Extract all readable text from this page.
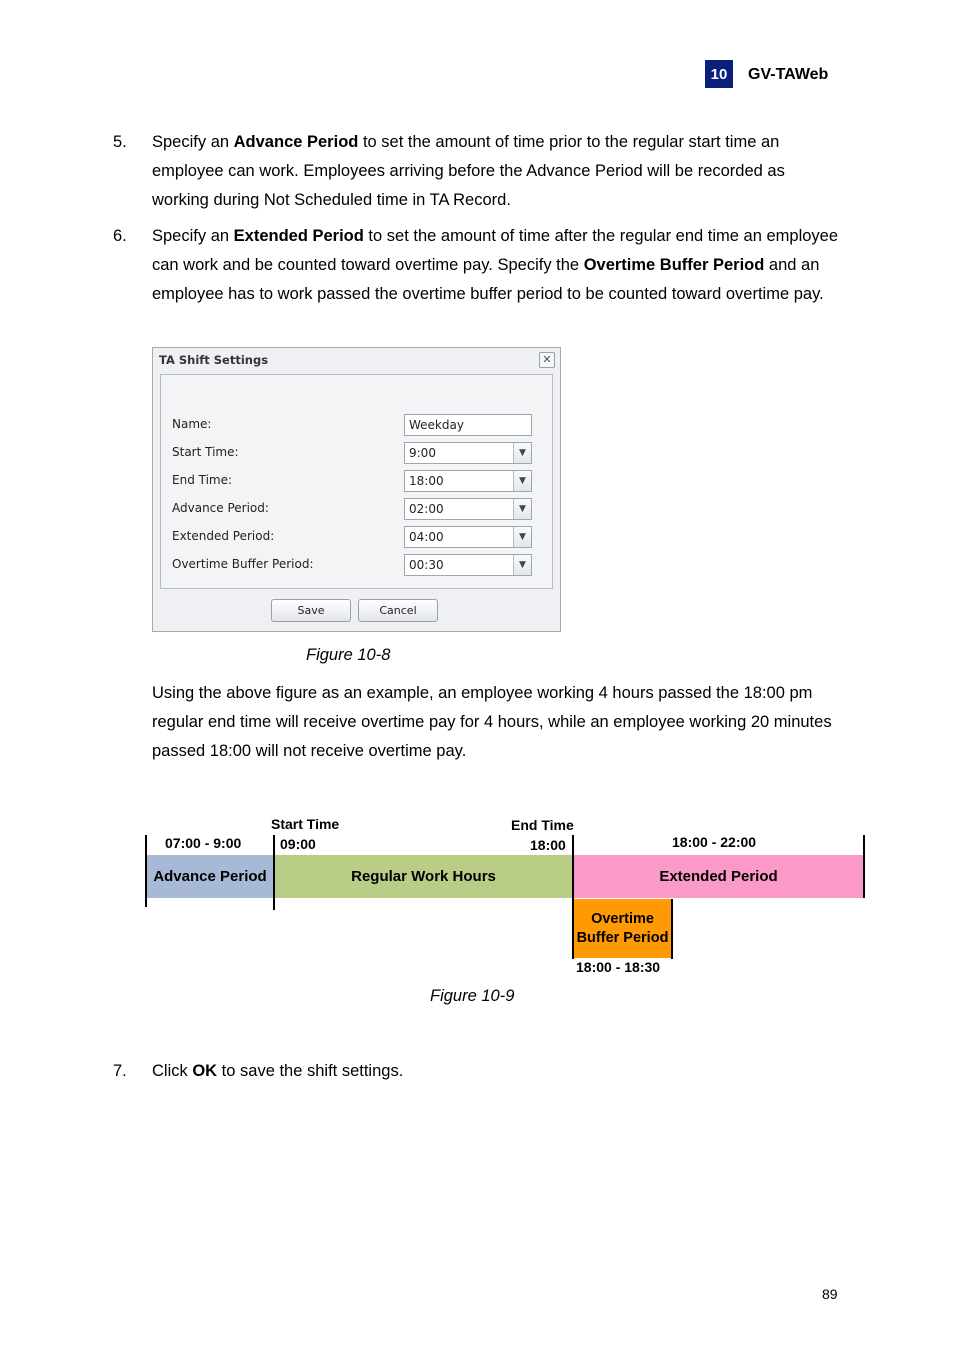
10	GV-TAWeb
5. Specify an Advance Period to set the amount of time prior to the regular start time an employee can work. Employees arriving before the Advance Period will be recorded as working during Not Scheduled time in TA Record.
6. Specify an Extended Period to set the amount of time after the regular end time an employee can work and be counted toward overtime pay. Specify the Overtime Buffer Period and an employee has to work passed the overtime buffer period to be counted toward overtime pay.
TA Shift Settings	✕
Name:	Weekday
Start Time:	9:00	▼
End Time:	18:00	▼
Advance Period:	02:00	▼
Extended Period:	04:00	▼
Overtime Buffer Period:	00:30	▼
Save	Cancel
Figure 10-8
Using the above figure as an example, an employee working 4 hours passed the 18:00 pm regular end time will receive overtime pay for 4 hours, while an employee working 20 minutes passed 18:00 will not receive overtime pay.
07:00 - 9:00
Start Time
09:00
End Time
18:00	18:00 - 22:00
Advance Period	Regular Work Hours	Extended Period
Overtime Buffer Period
18:00 - 18:30
Figure 10-9
7. Click OK to save the shift settings.
89
